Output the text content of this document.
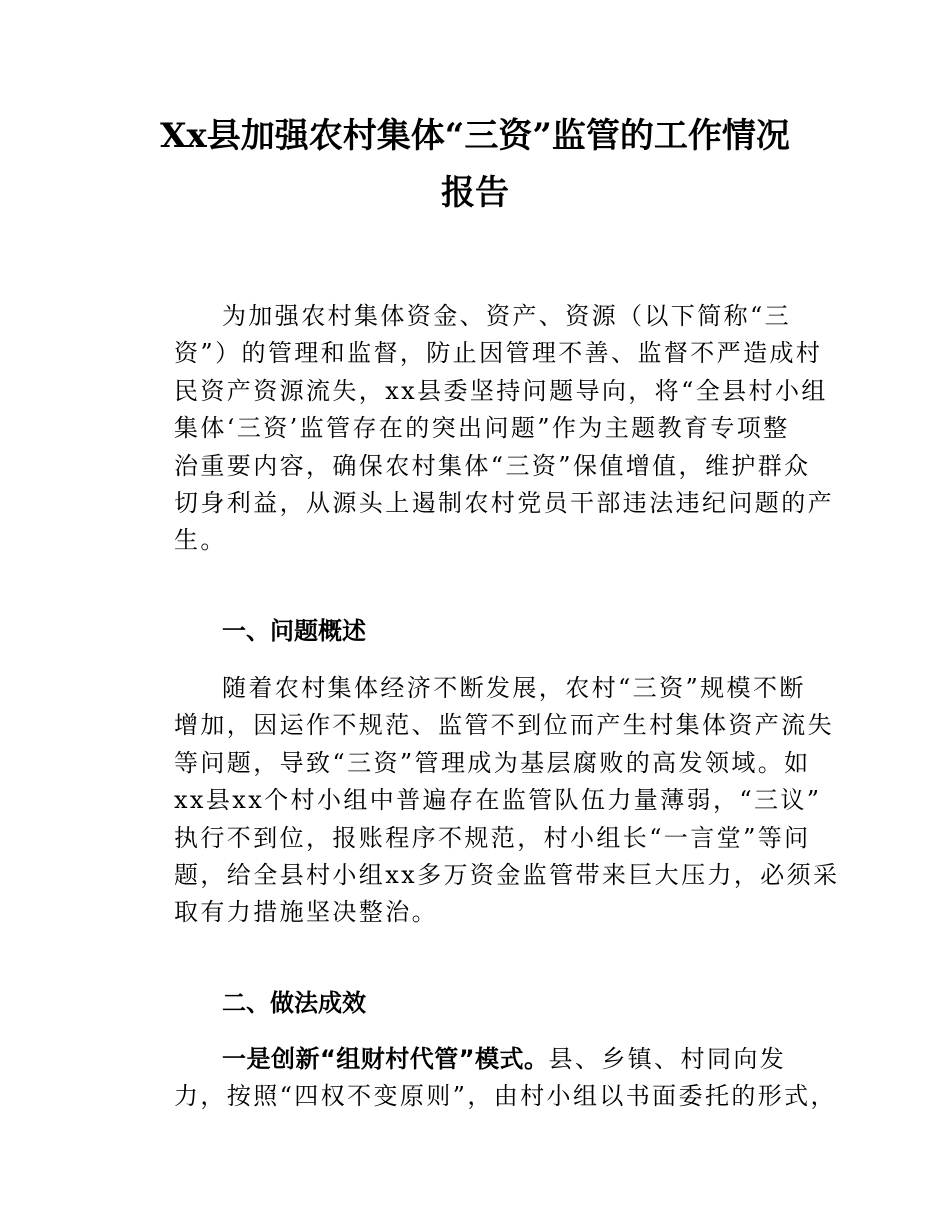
Xx县加强农村集体“三资”监管的工作情况
报告
为加强农村集体资金、资产、资源（以下简称“三
资”）的管理和监督，防止因管理不善、监督不严造成村
民资产资源流失，xx县委坚持问题导向，将“全县村小组
集体‘三资’监管存在的突出问题”作为主题教育专项整
治重要内容，确保农村集体“三资”保值增值，维护群众
切身利益，从源头上遏制农村党员干部违法违纪问题的产
生。
一、问题概述
随着农村集体经济不断发展，农村“三资”规模不断
增加，因运作不规范、监管不到位而产生村集体资产流失
等问题，导致“三资”管理成为基层腐败的高发领域。如
xx县xx个村小组中普遍存在监管队伍力量薄弱，“三议”
执行不到位，报账程序不规范，村小组长“一言堂”等问
题，给全县村小组xx多万资金监管带来巨大压力，必须采
取有力措施坚决整治。
二、做法成效
一是创新“组财村代管”模式。县、乡镇、村同向发
力，按照“四权不变原则”，由村小组以书面委托的形式，
